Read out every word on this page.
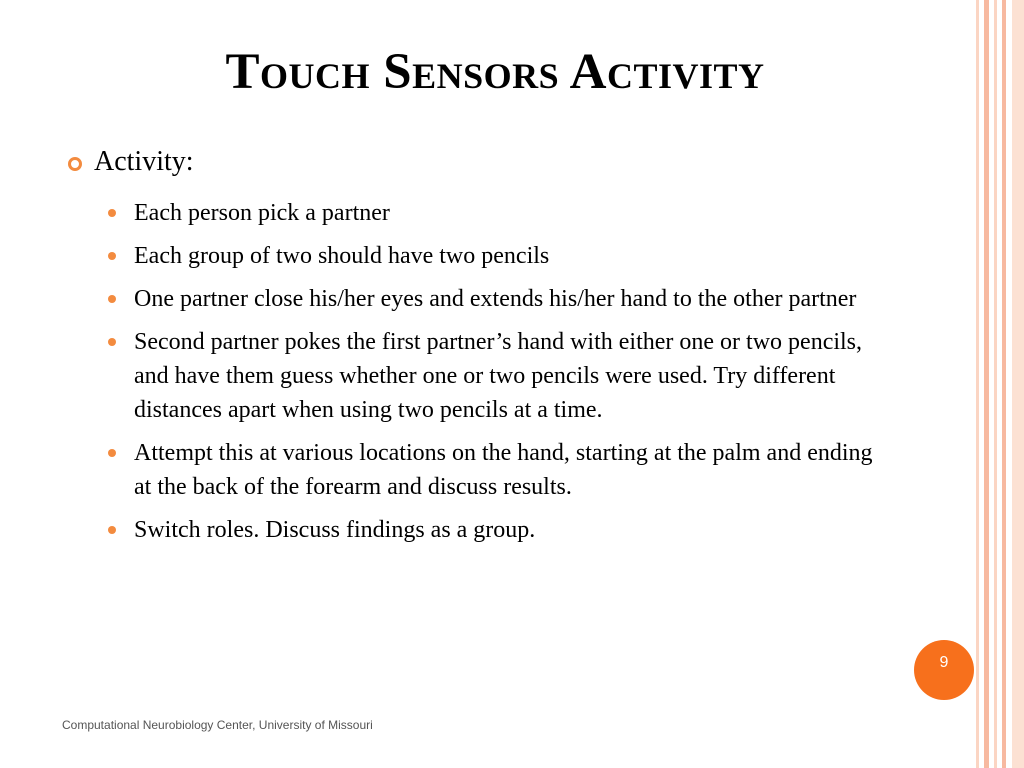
Touch Sensors Activity
Activity:
Each person pick a partner
Each group of two should have two pencils
One partner close his/her eyes and extends his/her hand to the other partner
Second partner pokes the first partner’s hand with either one or two pencils, and have them guess whether one or two pencils were used. Try different distances apart when using two pencils at a time.
Attempt this at various locations on the hand, starting at the palm and ending at the back of the forearm and discuss results.
Switch roles. Discuss findings as a group.
9
Computational Neurobiology Center, University of Missouri
